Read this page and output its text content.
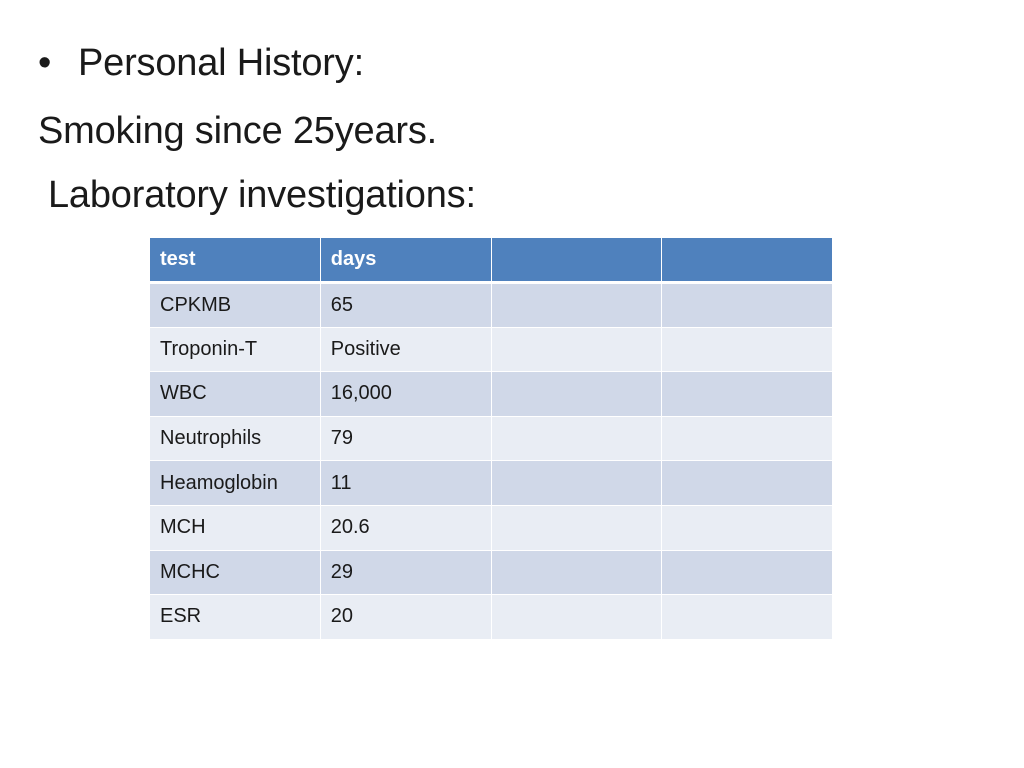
• Personal History:
Smoking since 25years.
Laboratory investigations:
test	days		
CPKMB	65		
Troponin-T	Positive		
WBC	16,000		
Neutrophils	79		
Heamoglobin	11		
MCH	20.6		
MCHC	29		
ESR	20		
